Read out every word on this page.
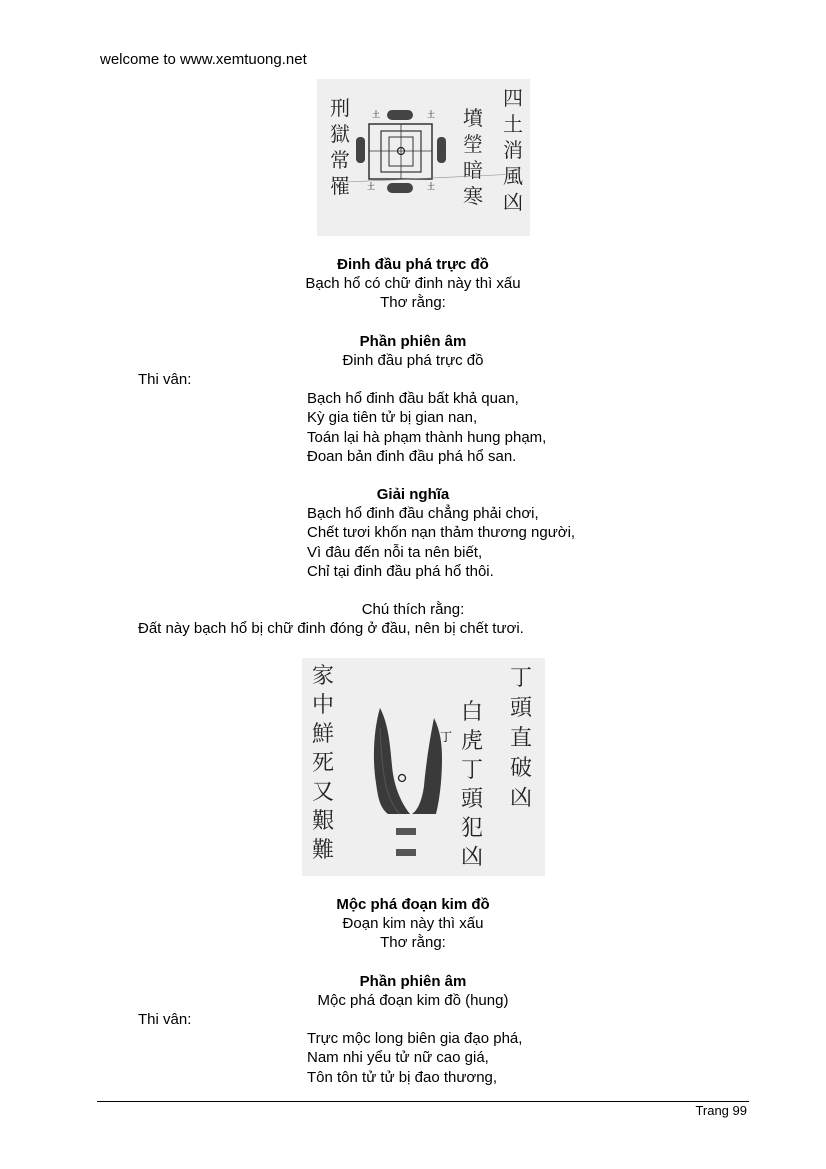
welcome to www.xemtuong.net
四土消風凶
墳塋暗寒
刑獄常罹
土	土
土	土
Đinh đầu phá trực đồ
Bạch hổ có chữ đinh này thì xấu
Thơ rằng:
Phần phiên âm
Đinh đầu phá trực đồ
Thi vân:
Bạch hổ đinh đầu bất khả quan,
Kỳ gia tiên tử bị gian nan,
Toán lại hà phạm thành hung phạm,
Đoan bản đinh đầu phá hổ san.
Giải nghĩa
Bạch hổ đinh đầu chẳng phải chơi,
Chết tươi khốn nạn thảm thương người,
Vì đâu đến nỗi ta nên biết,
Chỉ tại đinh đầu phá hổ thôi.
Chú thích rằng:
Đất này bạch hổ bị chữ đinh đóng ở đầu, nên bị chết tươi.
丁頭直破凶
白虎丁頭犯凶
家中鮮死又艱難
丁
Mộc phá đoạn kim đồ
Đoạn kim này thì xấu
Thơ rằng:
Phần phiên âm
Mộc phá đoạn kim đồ (hung)
Thi vân:
Trực mộc long biên gia đạo phá,
Nam nhi yểu tử nữ cao giá,
Tôn tôn tử tử bị đao thương,
Trang 99
